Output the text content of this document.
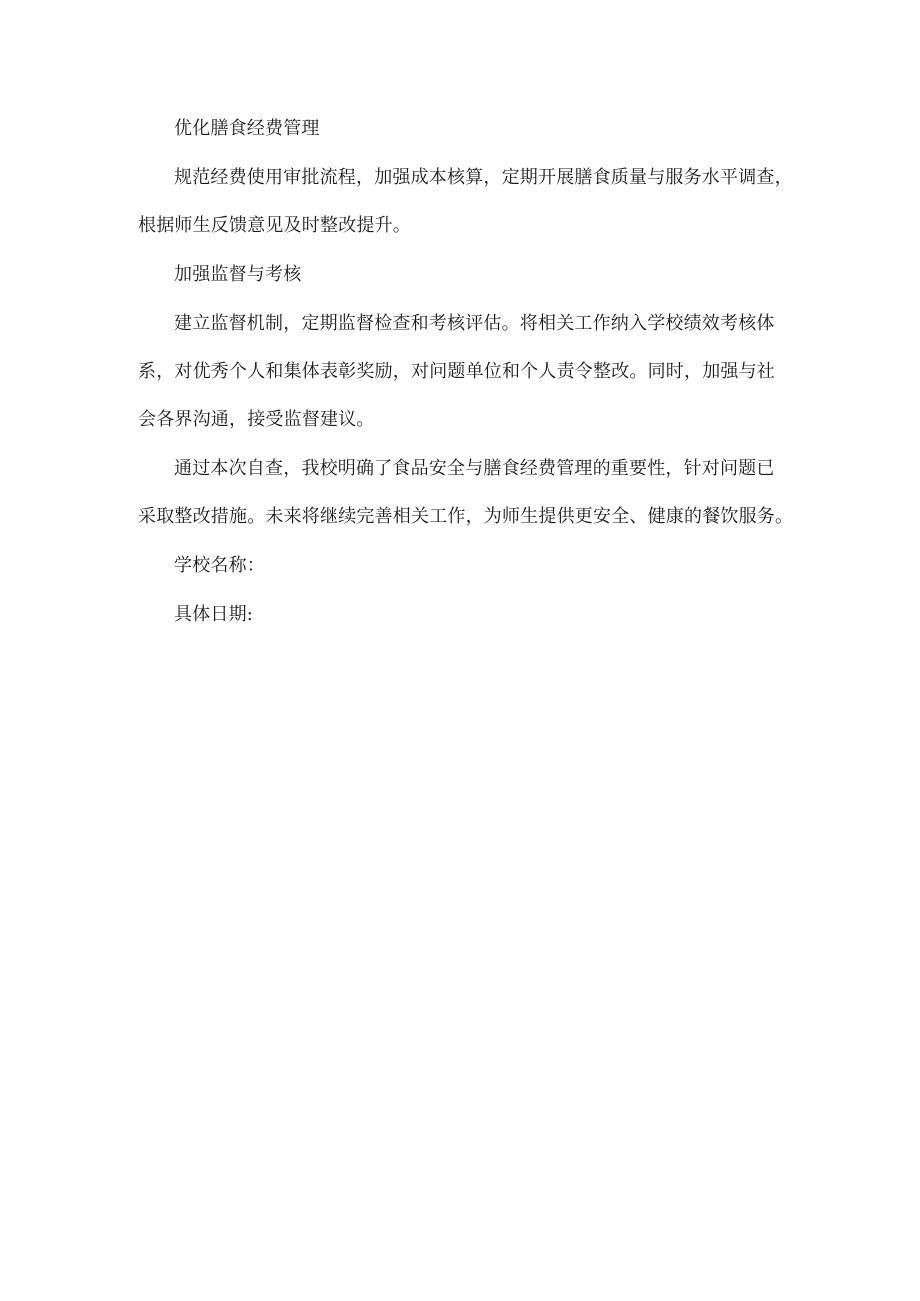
优化膳食经费管理
规范经费使用审批流程，加强成本核算，定期开展膳食质量与服务水平调查，
根据师生反馈意见及时整改提升。
加强监督与考核
建立监督机制，定期监督检查和考核评估。将相关工作纳入学校绩效考核体
系，对优秀个人和集体表彰奖励，对问题单位和个人责令整改。同时，加强与社
会各界沟通，接受监督建议。
通过本次自查，我校明确了食品安全与膳食经费管理的重要性，针对问题已
采取整改措施。未来将继续完善相关工作，为师生提供更安全、健康的餐饮服务。
学校名称：
具体日期:
